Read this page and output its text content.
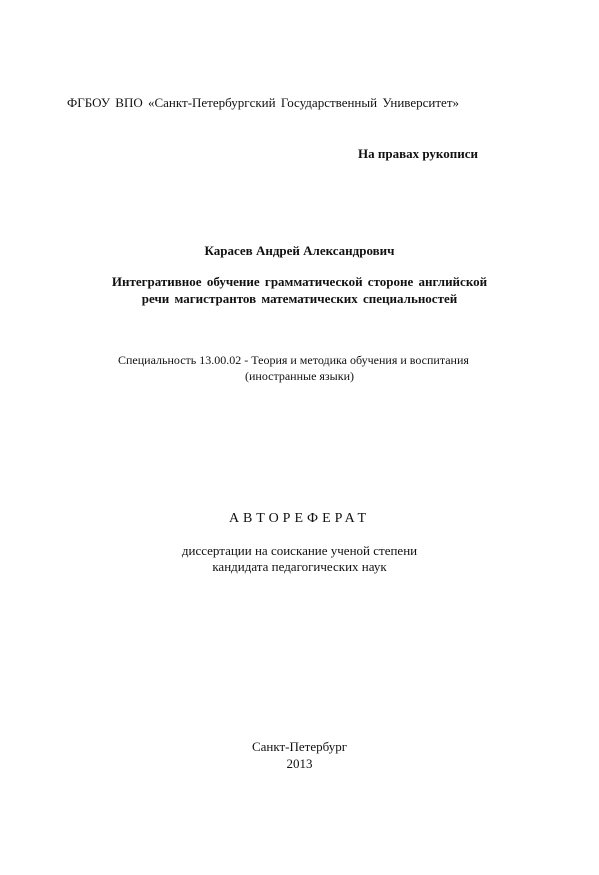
ФГБОУ ВПО «Санкт-Петербургский Государственный Университет»
На правах рукописи
Карасев Андрей Александрович
Интегративное обучение грамматической стороне английской
речи магистрантов математических специальностей
Специальность 13.00.02 - Теория и методика обучения и воспитания
(иностранные языки)
АВТОРЕФЕРАТ
диссертации на соискание ученой степени
кандидата педагогических наук
Санкт-Петербург
2013
